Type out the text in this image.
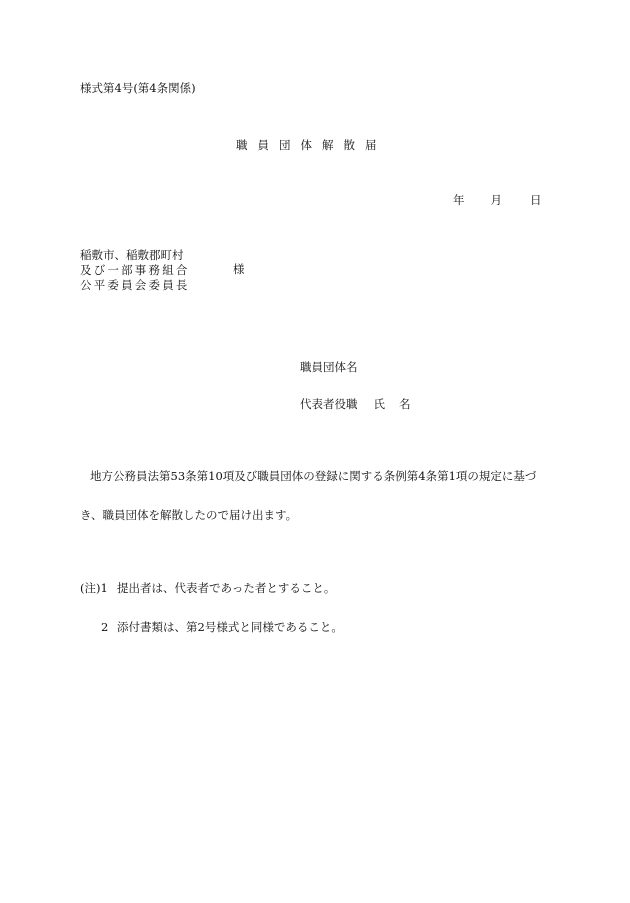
様式第4号(第4条関係)
職員団体解散届
年 月 日
稲敷市、稲敷郡町村
及び一部事務組合
公平委員会委員長
様
職員団体名
代表者役職 氏 名
地方公務員法第53条第10項及び職員団体の登録に関する条例第4条第1項の規定に基づ
き、職員団体を解散したので届け出ます。
(注)1 提出者は、代表者であった者とすること。
2 添付書類は、第2号様式と同様であること。
